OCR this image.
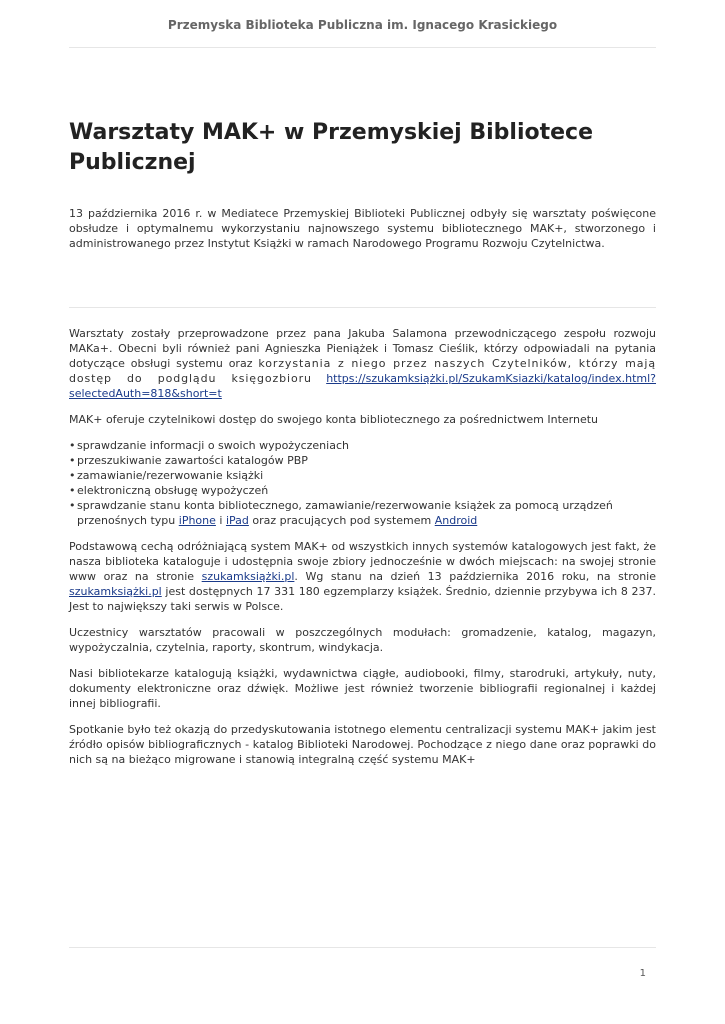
Przemyska Biblioteka Publiczna im. Ignacego Krasickiego
Warsztaty MAK+ w Przemyskiej Bibliotece Publicznej

13 października 2016 r. w Mediatece Przemyskiej Biblioteki Publicznej odbyły się warsztaty poświęcone obsłudze i optymalnemu wykorzystaniu najnowszego systemu bibliotecznego MAK+, stworzonego i administrowanego przez Instytut Książki w ramach Narodowego Programu Rozwoju Czytelnictwa.

Warsztaty zostały przeprowadzone przez pana Jakuba Salamona przewodniczącego zespołu rozwoju MAKa+. Obecni byli również pani Agnieszka Pieniążek i Tomasz Cieślik, którzy odpowiadali na pytania dotyczące obsługi systemu oraz korzystania z niego przez naszych Czytelników, którzy mają dostęp do podglądu księgozbioru https://szukamksiążki.pl/SzukamKsiazki/katalog/index.html?selectedAuth=818&short=t

MAK+ oferuje czytelnikowi dostęp do swojego konta bibliotecznego za pośrednictwem Internetu

• sprawdzanie informacji o swoich wypożyczeniach
• przeszukiwanie zawartości katalogów PBP
• zamawianie/rezerwowanie książki
• elektroniczną obsługę wypożyczeń
• sprawdzanie stanu konta bibliotecznego, zamawianie/rezerwowanie książek za pomocą urządzeń przenośnych typu iPhone i iPad oraz pracujących pod systemem Android

Podstawową cechą odróżniającą system MAK+ od wszystkich innych systemów katalogowych jest fakt, że nasza biblioteka kataloguje i udostępnia swoje zbiory jednocześnie w dwóch miejscach: na swojej stronie www oraz na stronie szukamksiążki.pl. Wg stanu na dzień 13 października 2016 roku, na stronie szukamksiążki.pl jest dostępnych 17 331 180 egzemplarzy książek. Średnio, dziennie przybywa ich 8 237. Jest to największy taki serwis w Polsce.

Uczestnicy warsztatów pracowali w poszczególnych modułach: gromadzenie, katalog, magazyn, wypożyczalnia, czytelnia, raporty, skontrum, windykacja.

Nasi bibliotekarze katalogują książki, wydawnictwa ciągłe, audiobooki, filmy, starodruki, artykuły, nuty, dokumenty elektroniczne oraz dźwięk. Możliwe jest również tworzenie bibliografii regionalnej i każdej innej bibliografii.

Spotkanie było też okazją do przedyskutowania istotnego elementu centralizacji systemu MAK+ jakim jest źródło opisów bibliograficznych - katalog Biblioteki Narodowej. Pochodzące z niego dane oraz poprawki do nich są na bieżąco migrowane i stanowią integralną część systemu MAK+

1
